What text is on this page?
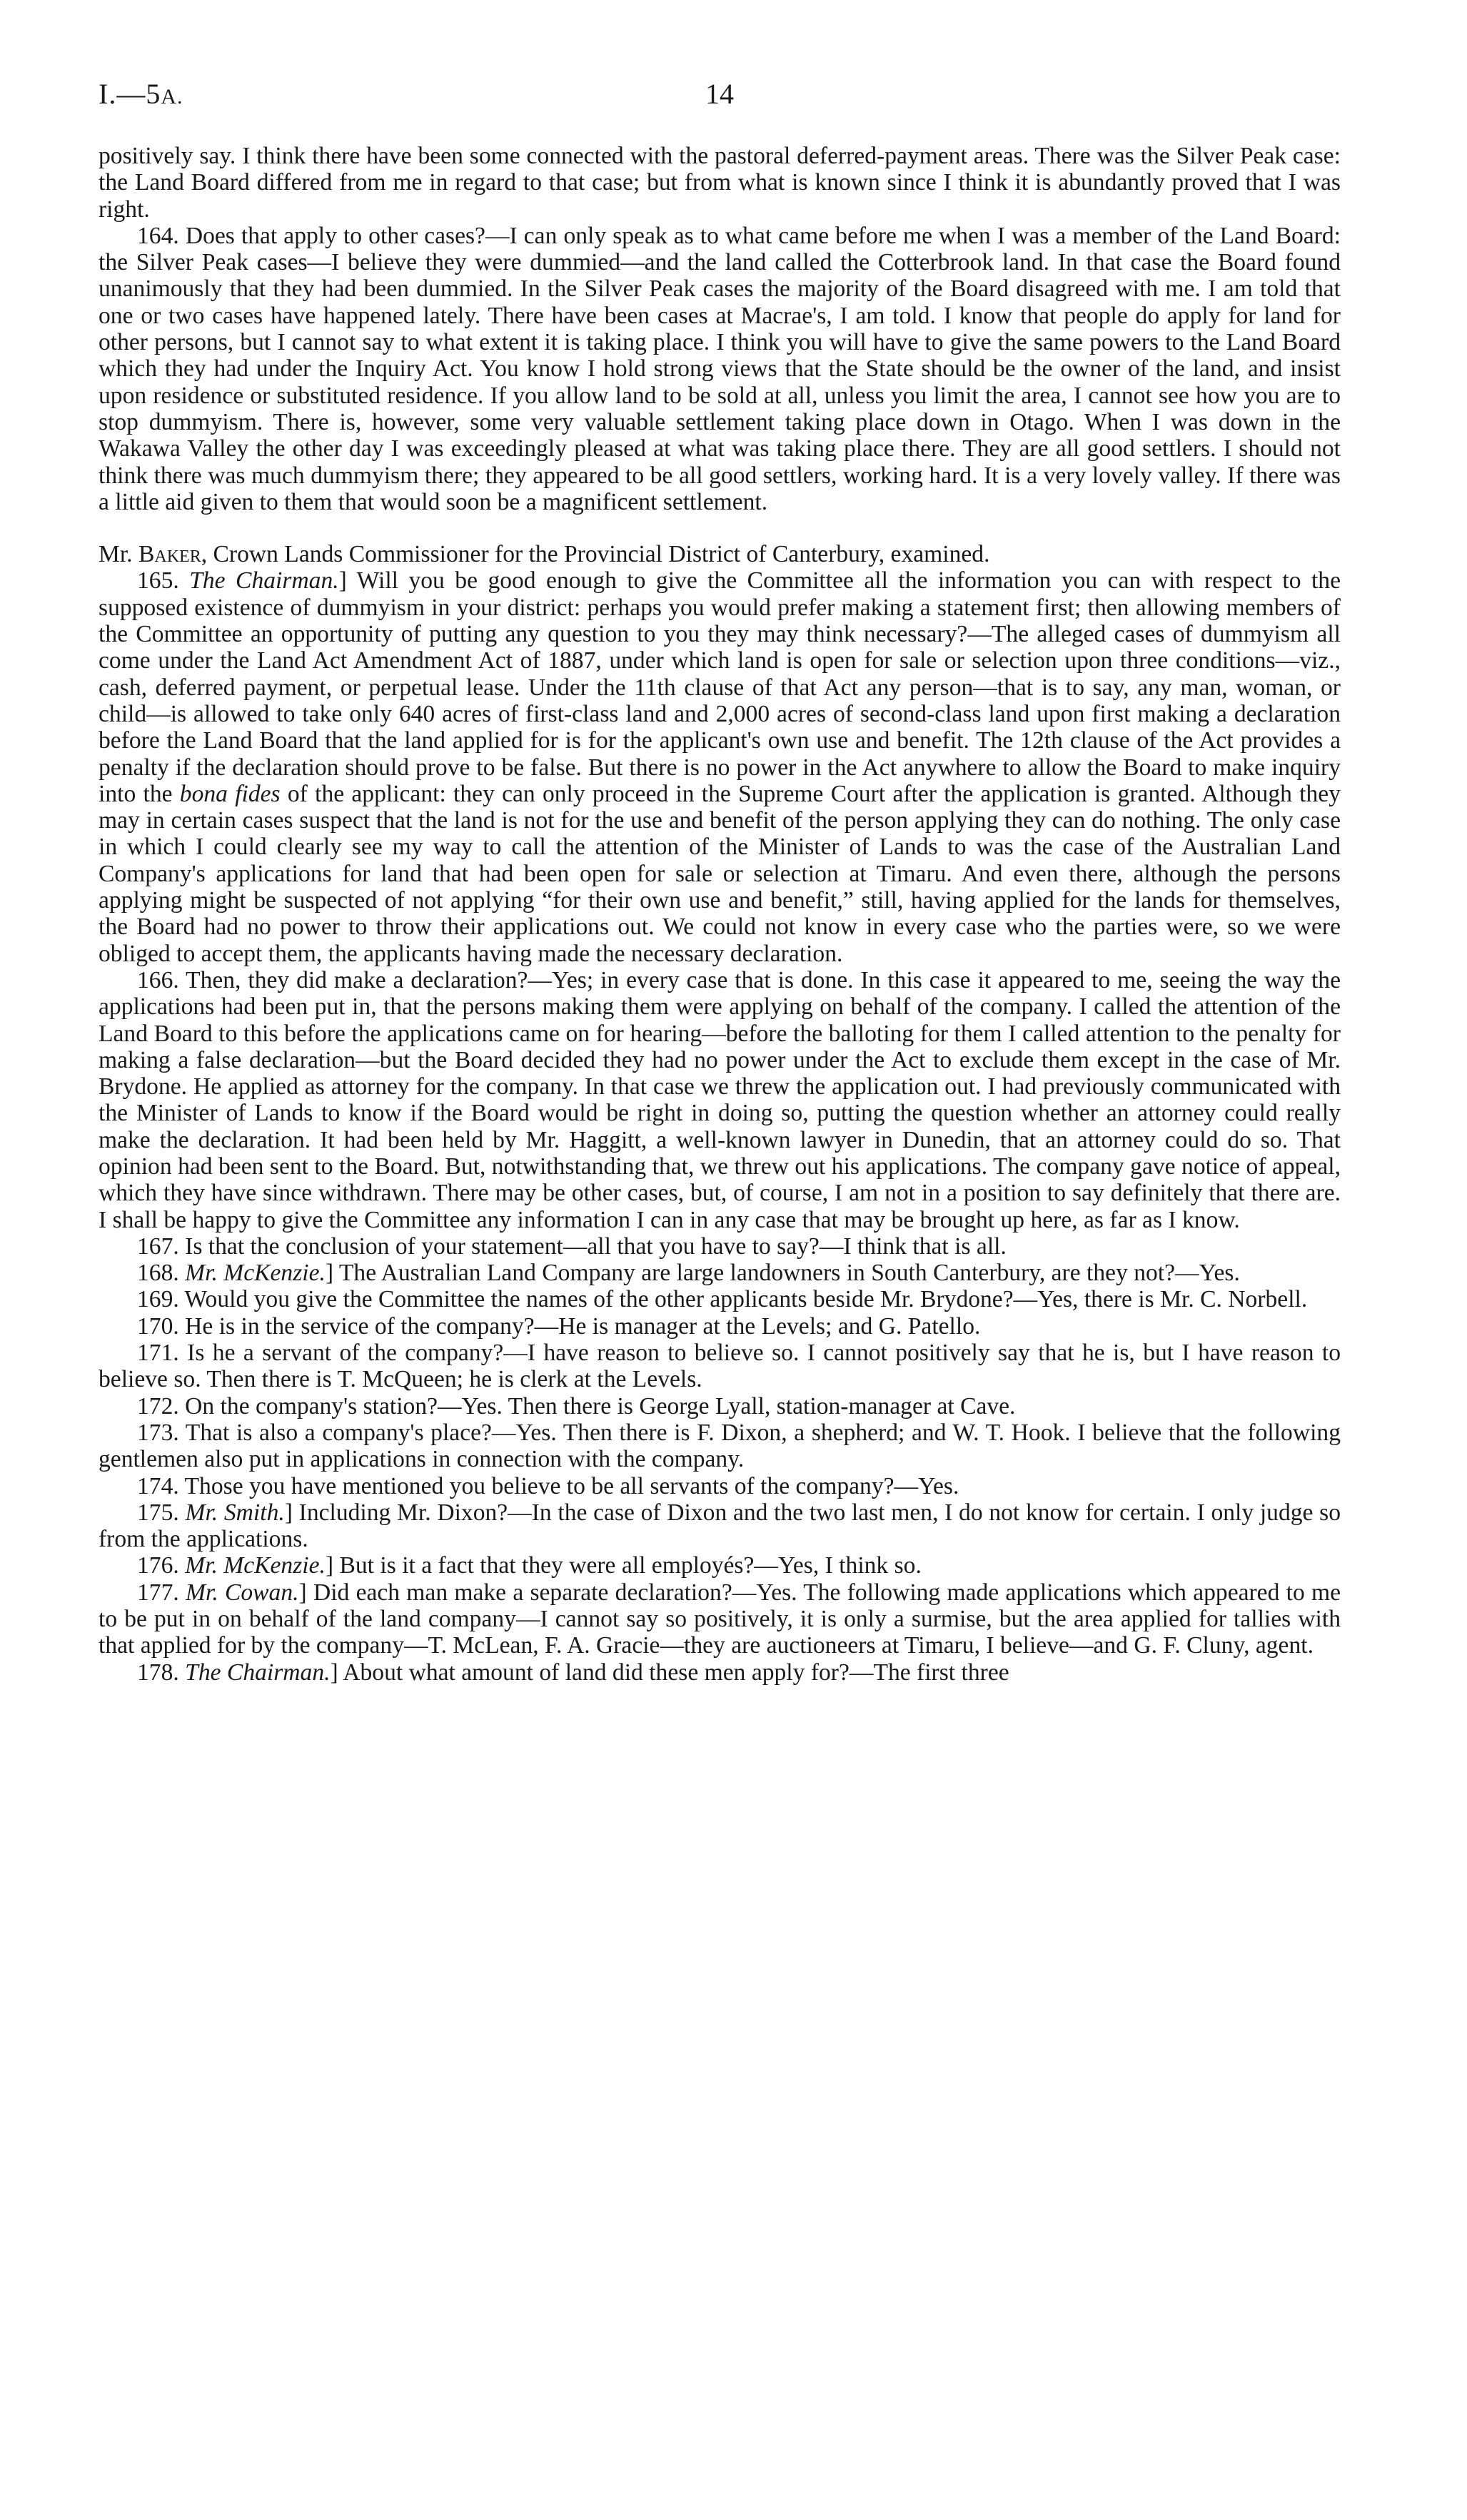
I.—5A.	14

positively say. I think there have been some connected with the pastoral deferred-payment areas. There was the Silver Peak case: the Land Board differed from me in regard to that case; but from what is known since I think it is abundantly proved that I was right.

164. Does that apply to other cases?—I can only speak as to what came before me when I was a member of the Land Board: the Silver Peak cases—I believe they were dummied—and the land called the Cotterbrook land. In that case the Board found unanimously that they had been dummied. In the Silver Peak cases the majority of the Board disagreed with me. I am told that one or two cases have happened lately. There have been cases at Macrae's, I am told. I know that people do apply for land for other persons, but I cannot say to what extent it is taking place. I think you will have to give the same powers to the Land Board which they had under the Inquiry Act. You know I hold strong views that the State should be the owner of the land, and insist upon residence or substituted residence. If you allow land to be sold at all, unless you limit the area, I cannot see how you are to stop dummyism. There is, however, some very valuable settlement taking place down in Otago. When I was down in the Wakawa Valley the other day I was exceedingly pleased at what was taking place there. They are all good settlers. I should not think there was much dummyism there; they appeared to be all good settlers, working hard. It is a very lovely valley. If there was a little aid given to them that would soon be a magnificent settlement.

Mr. Baker, Crown Lands Commissioner for the Provincial District of Canterbury, examined.

165. The Chairman.] Will you be good enough to give the Committee all the information you can with respect to the supposed existence of dummyism in your district: perhaps you would prefer making a statement first; then allowing members of the Committee an opportunity of putting any question to you they may think necessary?—The alleged cases of dummyism all come under the Land Act Amendment Act of 1887, under which land is open for sale or selection upon three conditions—viz., cash, deferred payment, or perpetual lease. Under the 11th clause of that Act any person—that is to say, any man, woman, or child—is allowed to take only 640 acres of first-class land and 2,000 acres of second-class land upon first making a declaration before the Land Board that the land applied for is for the applicant's own use and benefit. The 12th clause of the Act provides a penalty if the declaration should prove to be false. But there is no power in the Act anywhere to allow the Board to make inquiry into the bona fides of the applicant: they can only proceed in the Supreme Court after the application is granted. Although they may in certain cases suspect that the land is not for the use and benefit of the person applying they can do nothing. The only case in which I could clearly see my way to call the attention of the Minister of Lands to was the case of the Australian Land Company's applications for land that had been open for sale or selection at Timaru. And even there, although the persons applying might be suspected of not applying “for their own use and benefit,” still, having applied for the lands for themselves, the Board had no power to throw their applications out. We could not know in every case who the parties were, so we were obliged to accept them, the applicants having made the necessary declaration.

166. Then, they did make a declaration?—Yes; in every case that is done. In this case it appeared to me, seeing the way the applications had been put in, that the persons making them were applying on behalf of the company. I called the attention of the Land Board to this before the applications came on for hearing—before the balloting for them I called attention to the penalty for making a false declaration—but the Board decided they had no power under the Act to exclude them except in the case of Mr. Brydone. He applied as attorney for the company. In that case we threw the application out. I had previously communicated with the Minister of Lands to know if the Board would be right in doing so, putting the question whether an attorney could really make the declaration. It had been held by Mr. Haggitt, a well-known lawyer in Dunedin, that an attorney could do so. That opinion had been sent to the Board. But, notwithstanding that, we threw out his applications. The company gave notice of appeal, which they have since withdrawn. There may be other cases, but, of course, I am not in a position to say definitely that there are. I shall be happy to give the Committee any information I can in any case that may be brought up here, as far as I know.

167. Is that the conclusion of your statement—all that you have to say?—I think that is all.

168. Mr. McKenzie.] The Australian Land Company are large landowners in South Canterbury, are they not?—Yes.

169. Would you give the Committee the names of the other applicants beside Mr. Brydone?—Yes, there is Mr. C. Norbell.

170. He is in the service of the company?—He is manager at the Levels; and G. Patello.

171. Is he a servant of the company?—I have reason to believe so. I cannot positively say that he is, but I have reason to believe so. Then there is T. McQueen; he is clerk at the Levels.

172. On the company's station?—Yes. Then there is George Lyall, station-manager at Cave.

173. That is also a company's place?—Yes. Then there is F. Dixon, a shepherd; and W. T. Hook. I believe that the following gentlemen also put in applications in connection with the company.

174. Those you have mentioned you believe to be all servants of the company?—Yes.

175. Mr. Smith.] Including Mr. Dixon?—In the case of Dixon and the two last men, I do not know for certain. I only judge so from the applications.

176. Mr. McKenzie.] But is it a fact that they were all employés?—Yes, I think so.

177. Mr. Cowan.] Did each man make a separate declaration?—Yes. The following made applications which appeared to me to be put in on behalf of the land company—I cannot say so positively, it is only a surmise, but the area applied for tallies with that applied for by the company—T. McLean, F. A. Gracie—they are auctioneers at Timaru, I believe—and G. F. Cluny, agent.

178. The Chairman.] About what amount of land did these men apply for?—The first three
